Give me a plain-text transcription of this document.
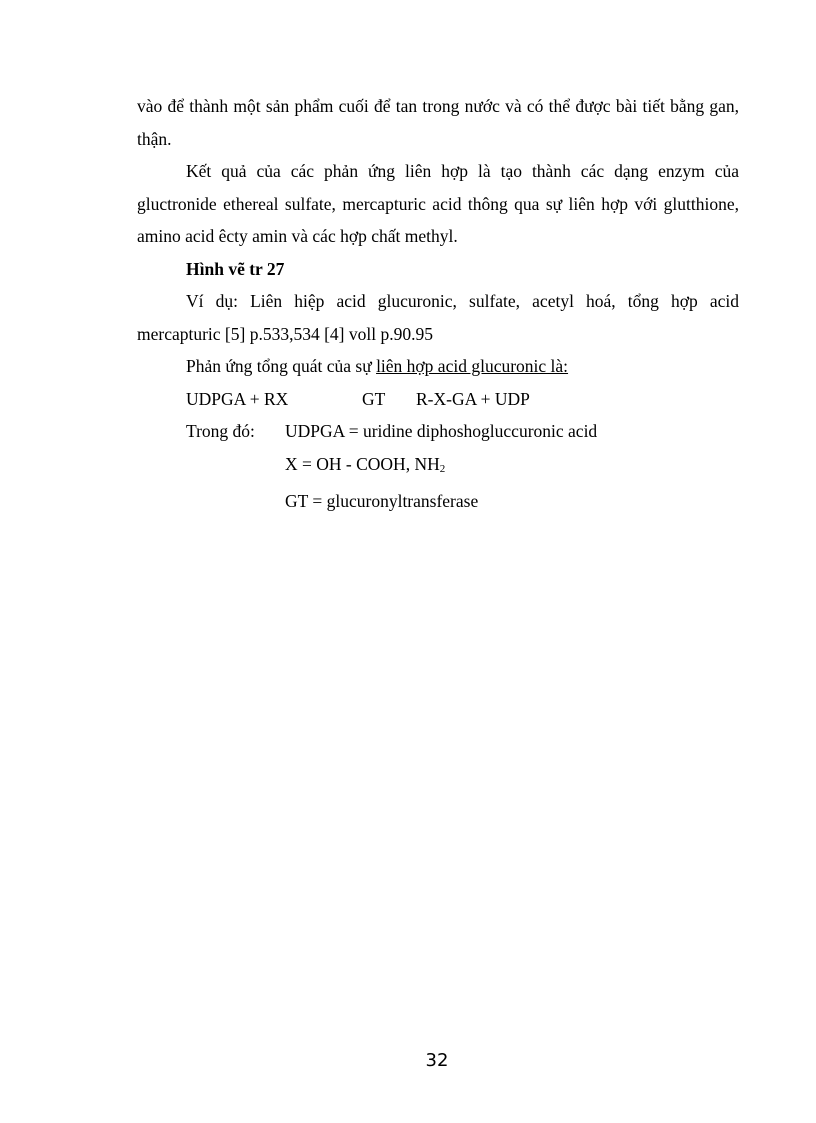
vào để thành một sản phẩm cuối để tan trong nước và có thể được bài tiết bằng gan, thận.

Kết quả của các phản ứng liên hợp là tạo thành các dạng enzym của gluctronide ethereal sulfate, mercapturic acid thông qua sự liên hợp với glutthione, amino acid êcty amin và các hợp chất methyl.

Hình vẽ tr 27

Ví dụ: Liên hiệp acid glucuronic, sulfate, acetyl hoá, tổng hợp acid mercapturic [5] p.533,534 [4] voll p.90.95

Phản ứng tổng quát của sự liên hợp acid glucuronic là:

UDPGA + RX	GT	R-X-GA + UDP
Trong đó:	UDPGA = uridine diphoshogluccuronic acid
X = OH - COOH, NH2
GT = glucuronyltransferase
32
